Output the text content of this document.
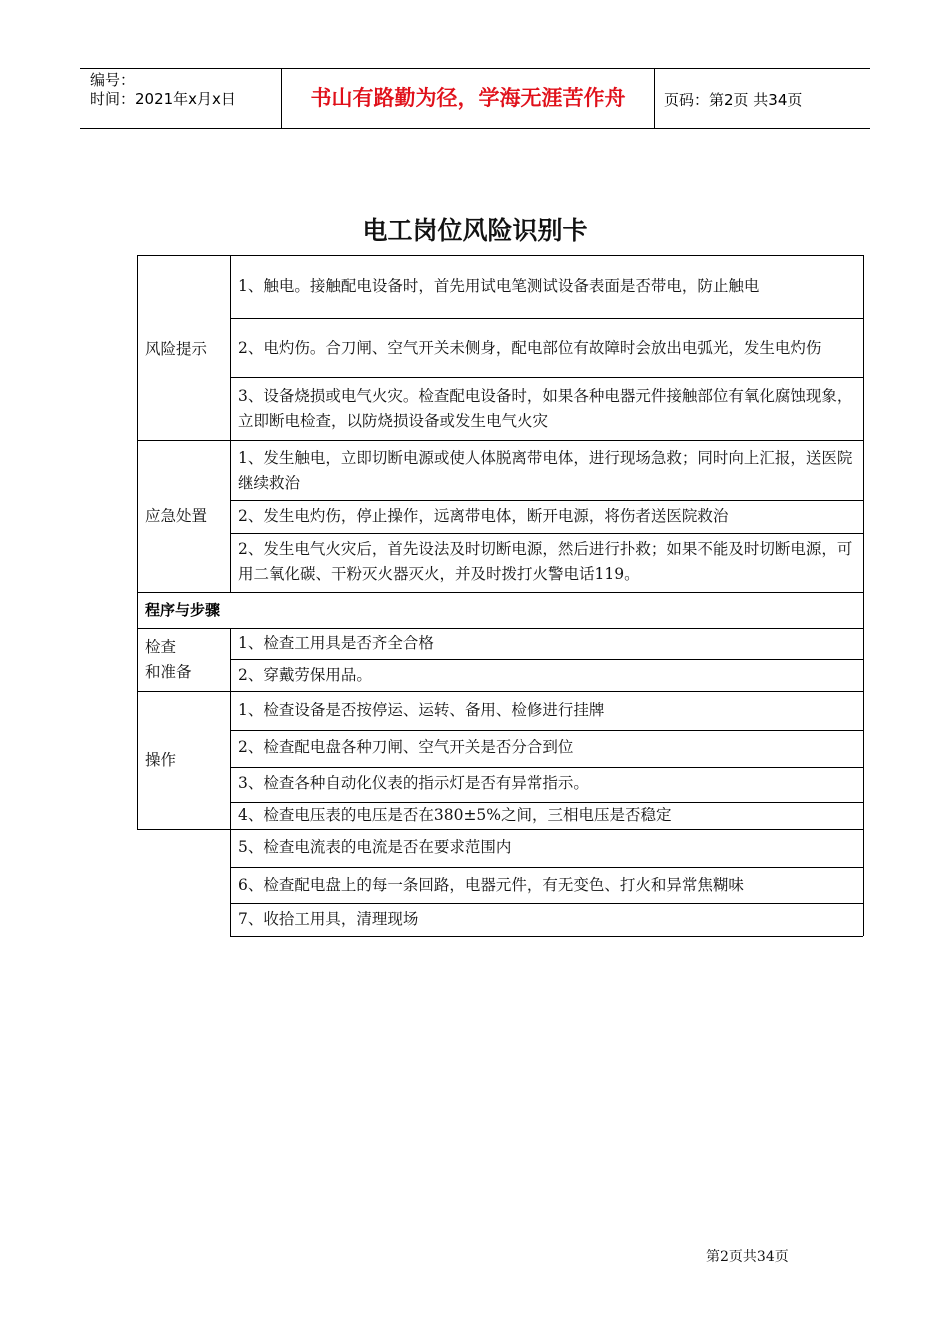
编号：
时间：2021年x月x日	书山有路勤为径，学海无涯苦作舟	页码：第2页 共34页
电工岗位风险识别卡
风险提示
1、触电。接触配电设备时，首先用试电笔测试设备表面是否带电，防止触电
2、电灼伤。合刀闸、空气开关未侧身，配电部位有故障时会放出电弧光，发生电灼伤
3、设备烧损或电气火灾。检查配电设备时，如果各种电器元件接触部位有氧化腐蚀现象，立即断电检查，以防烧损设备或发生电气火灾
应急处置
1、发生触电，立即切断电源或使人体脱离带电体，进行现场急救；同时向上汇报，送医院继续救治
2、发生电灼伤，停止操作，远离带电体，断开电源，将伤者送医院救治
2、发生电气火灾后，首先设法及时切断电源，然后进行扑救；如果不能及时切断电源，可用二氧化碳、干粉灭火器灭火，并及时拨打火警电话119。
程序与步骤
检查
和准备
1、检查工用具是否齐全合格
2、穿戴劳保用品。
操作
1、检查设备是否按停运、运转、备用、检修进行挂牌
2、检查配电盘各种刀闸、空气开关是否分合到位
3、检查各种自动化仪表的指示灯是否有异常指示。
4、检查电压表的电压是否在380±5%之间，三相电压是否稳定
5、检查电流表的电流是否在要求范围内
6、检查配电盘上的每一条回路，电器元件，有无变色、打火和异常焦糊味
7、收拾工用具，清理现场
第2页共34页
